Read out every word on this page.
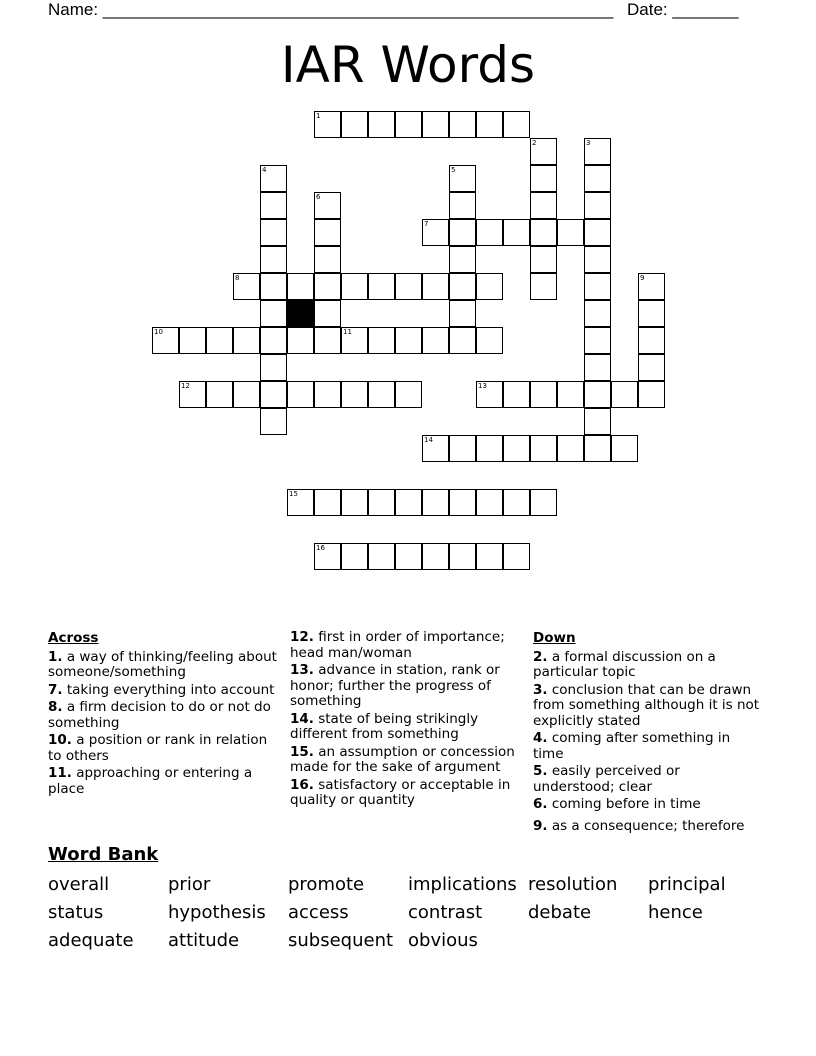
Name: ______________________________________________________ Date: _______
IAR Words
1
7
8
10	11
12	13
14
15
16
2	3
4	5
6
9
Across
1. a way of thinking/feeling about someone/something
7. taking everything into account
8. a firm decision to do or not do something
10. a position or rank in relation to others
11. approaching or entering a place
12. first in order of importance; head man/woman
13. advance in station, rank or honor; further the progress of something
14. state of being strikingly different from something
15. an assumption or concession made for the sake of argument
16. satisfactory or acceptable in quality or quantity
Down
2. a formal discussion on a particular topic
3. conclusion that can be drawn from something although it is not explicitly stated
4. coming after something in time
5. easily perceived or understood; clear
6. coming before in time
9. as a consequence; therefore
Word Bank
overall	prior	promote implications resolution principal
status	hypothesis access	contrast	debate	hence
adequate attitude	subsequent obvious
